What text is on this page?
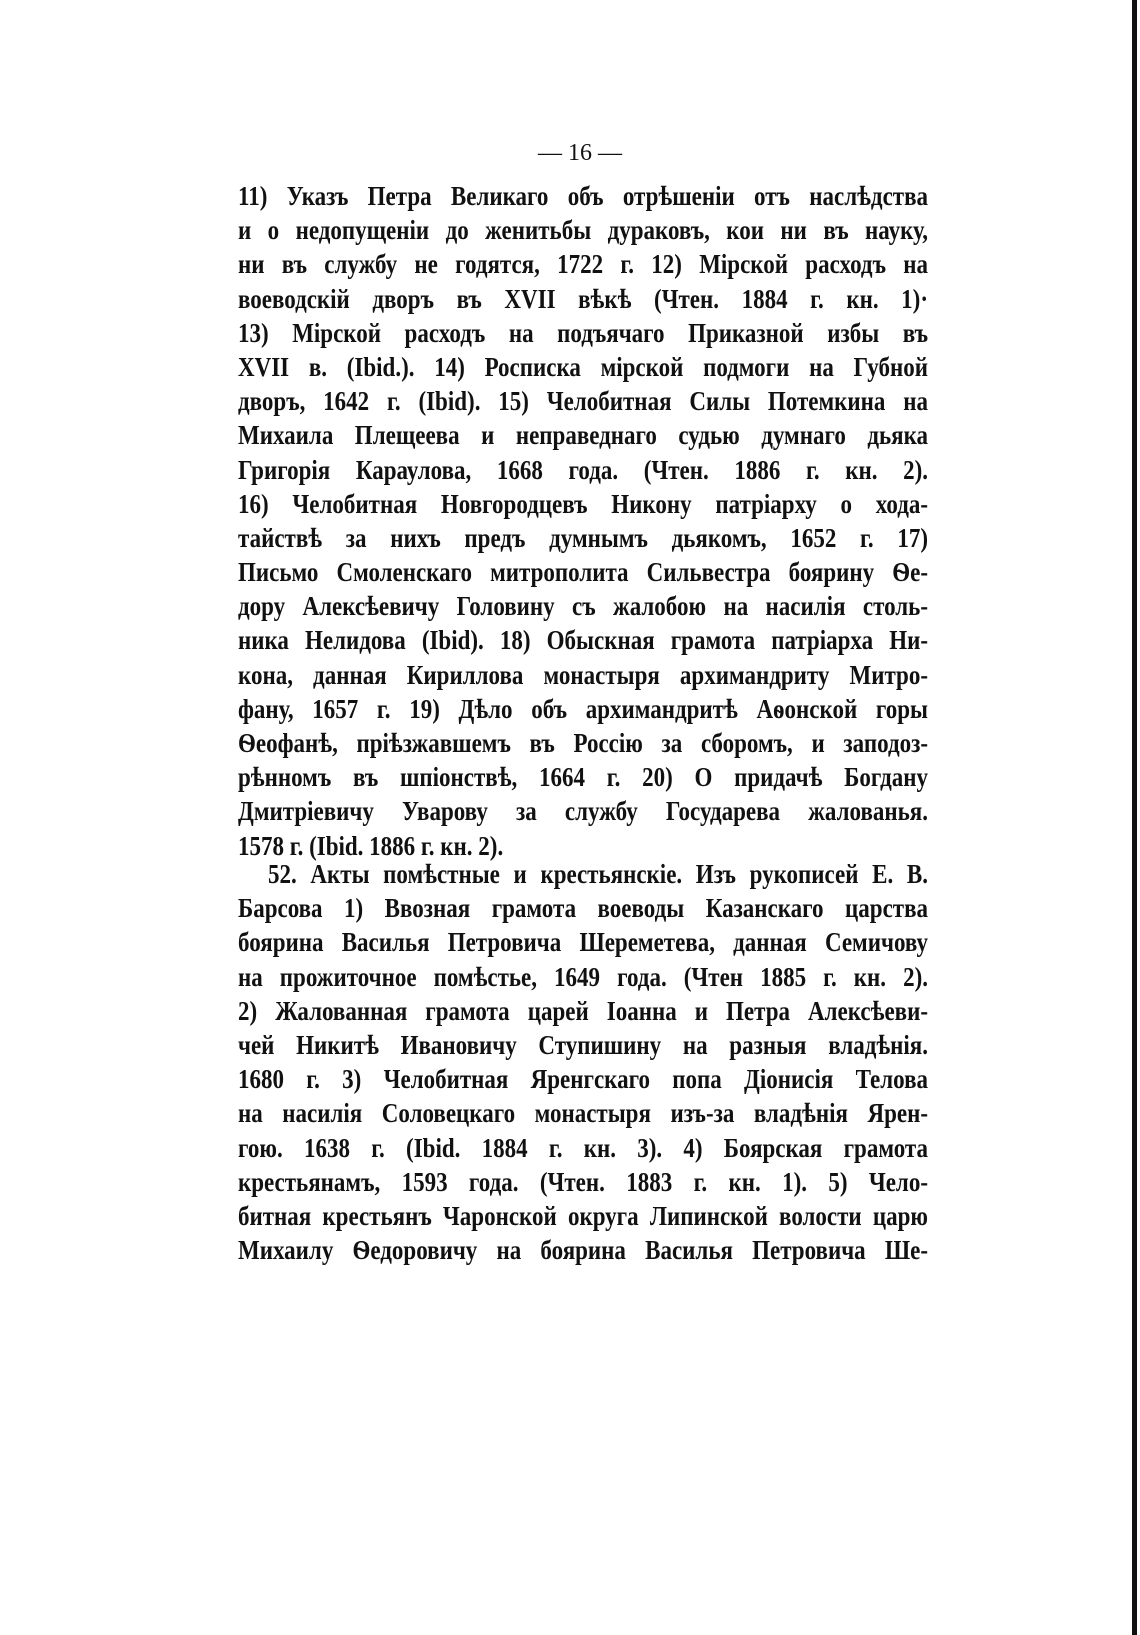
— 16 —
11) Указъ Петра Великаго объ отрѣшеніи отъ наслѣдства
и о недопущеніи до женитьбы дураковъ, кои ни въ науку,
ни въ службу не годятся, 1722 г. 12) Мірской расходъ на
воеводскій дворъ въ XVII вѣкѣ (Чтен. 1884 г. кн. 1)·
13) Мірской расходъ на подъячаго Приказной избы въ
XVII в. (Ibid.). 14) Росписка мірской подмоги на Губной
дворъ, 1642 г. (Ibid). 15) Челобитная Силы Потемкина на
Михаила Плещеева и неправеднаго судью думнаго дьяка
Григорія Караулова, 1668 года. (Чтен. 1886 г. кн. 2).
16) Челобитная Новгородцевъ Никону патріарху о хода-
тайствѣ за нихъ предъ думнымъ дьякомъ, 1652 г. 17)
Письмо Смоленскаго митрополита Сильвестра боярину Ѳе-
дору Алексѣевичу Головину съ жалобою на насилія столь-
ника Нелидова (Ibid). 18) Обыскная грамота патріарха Ни-
кона, данная Кириллова монастыря архимандриту Митро-
фану, 1657 г. 19) Дѣло объ архимандритѣ Аѳонской горы
Ѳеофанѣ, пріѣзжавшемъ въ Россію за сборомъ, и заподоз-
рѣнномъ въ шпіонствѣ, 1664 г. 20) О придачѣ Богдану
Дмитріевичу Уварову за службу Государева жалованья.
1578 г. (Ibid. 1886 г. кн. 2).
52. Акты помѣстные и крестьянскіе. Изъ рукописей Е. В.
Барсова 1) Ввозная грамота воеводы Казанскаго царства
боярина Василья Петровича Шереметева, данная Семичову
на прожиточное помѣстье, 1649 года. (Чтен 1885 г. кн. 2).
2) Жалованная грамота царей Іоанна и Петра Алексѣеви-
чей Никитѣ Ивановичу Ступишину на разныя владѣнія.
1680 г. 3) Челобитная Яренгскаго попа Діонисія Телова
на насилія Соловецкаго монастыря изъ-за владѣнія Ярен-
гою. 1638 г. (Ibid. 1884 г. кн. 3). 4) Боярская грамота
крестьянамъ, 1593 года. (Чтен. 1883 г. кн. 1). 5) Чело-
битная крестьянъ Чаронской округа Липинской волости царю
Михаилу Ѳедоровичу на боярина Василья Петровича Ше-
